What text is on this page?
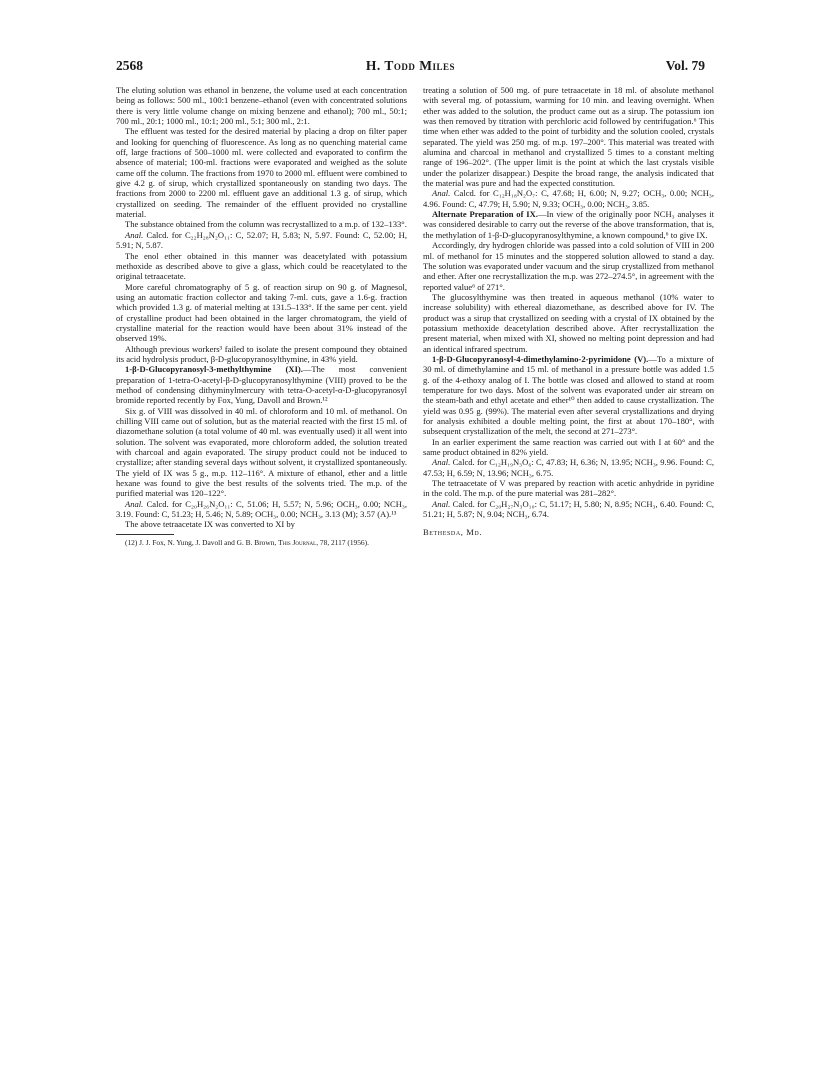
2568	H. Todd Miles	Vol. 79

The eluting solution was ethanol in benzene, the volume used at each concentration being as follows: 500 ml., 100:1 benzene–ethanol (even with concentrated solutions there is very little volume change on mixing benzene and ethanol); 700 ml., 50:1; 700 ml., 20:1; 1000 ml., 10:1; 200 ml., 5:1; 300 ml., 2:1.

The effluent was tested for the desired material by placing a drop on filter paper and looking for quenching of fluorescence. As long as no quenching material came off, large fractions of 500–1000 ml. were collected and evaporated to confirm the absence of material; 100-ml. fractions were evaporated and weighed as the solute came off the column. The fractions from 1970 to 2000 ml. effluent were combined to give 4.2 g. of sirup, which crystallized spontaneously on standing two days. The fractions from 2000 to 2200 ml. effluent gave an additional 1.3 g. of sirup, which crystallized on seeding. The remainder of the effluent provided no crystalline material.

The substance obtained from the column was recrystallized to a m.p. of 132–133°.

Anal. Calcd. for C₂₂H₂₈N₂O₁₁: C, 52.07; H, 5.83; N, 5.97. Found: C, 52.00; H, 5.91; N, 5.87.

The enol ether obtained in this manner was deacetylated with potassium methoxide as described above to give a glass, which could be reacetylated to the original tetraacetate.

More careful chromatography of 5 g. of reaction sirup on 90 g. of Magnesol, using an automatic fraction collector and taking 7-ml. cuts, gave a 1.6-g. fraction which provided 1.3 g. of material melting at 131.5–133°. If the same per cent. yield of crystalline product had been obtained in the larger chromatogram, the yield of crystalline material for the reaction would have been about 31% instead of the observed 19%.

Although previous workers³ failed to isolate the present compound they obtained its acid hydrolysis product, β-D-glucopyranosylthymine, in 43% yield.

1-β-D-Glucopyranosyl-3-methylthymine (XI).—The most convenient preparation of 1-tetra-O-acetyl-β-D-glucopyranosylthymine (VIII) proved to be the method of condensing dithyminylmercury with tetra-O-acetyl-α-D-glucopyranosyl bromide reported recently by Fox, Yung, Davoll and Brown.¹²

Six g. of VIII was dissolved in 40 ml. of chloroform and 10 ml. of methanol. On chilling VIII came out of solution, but as the material reacted with the first 15 ml. of diazomethane solution (a total volume of 40 ml. was eventually used) it all went into solution. The solvent was evaporated, more chloroform added, the solution treated with charcoal and again evaporated. The sirupy product could not be induced to crystallize; after standing several days without solvent, it crystallized spontaneously. The yield of IX was 5 g., m.p. 112–116°. A mixture of ethanol, ether and a little hexane was found to give the best results of the solvents tried. The m.p. of the purified material was 120–122°.

Anal. Calcd. for C₂₀H₂₆N₂O₁₁: C, 51.06; H, 5.57; N, 5.96; OCH₃, 0.00; NCH₃, 3.19. Found: C, 51.23; H, 5.46; N, 5.89; OCH₃, 0.00; NCH₃, 3.13 (M); 3.57 (A).¹³

The above tetraacetate IX was converted to XI by

(12) J. J. Fox, N. Yung, J. Davoll and G. B. Brown, This Journal, 78, 2117 (1956).

treating a solution of 500 mg. of pure tetraacetate in 18 ml. of absolute methanol with several mg. of potassium, warming for 10 min. and leaving overnight. When ether was added to the solution, the product came out as a sirup. The potassium ion was then removed by titration with perchloric acid followed by centrifugation.⁶ This time when ether was added to the point of turbidity and the solution cooled, crystals separated. The yield was 250 mg. of m.p. 197–200°. This material was treated with alumina and charcoal in methanol and crystallized 5 times to a constant melting range of 196–202°. (The upper limit is the point at which the last crystals visible under the polarizer disappear.) Despite the broad range, the analysis indicated that the material was pure and had the expected constitution.

Anal. Calcd. for C₁₂H₁₈N₂O₇: C, 47.68; H, 6.00; N, 9.27; OCH₃, 0.00; NCH₃, 4.96. Found: C, 47.79; H, 5.90; N, 9.33; OCH₃, 0.00; NCH₃, 3.85.

Alternate Preparation of IX.—In view of the originally poor NCH₃ analyses it was considered desirable to carry out the reverse of the above transformation, that is, the methylation of 1-β-D-glucopyranosylthymine, a known compound,⁶ to give IX.

Accordingly, dry hydrogen chloride was passed into a cold solution of VIII in 200 ml. of methanol for 15 minutes and the stoppered solution allowed to stand a day. The solution was evaporated under vacuum and the sirup crystallized from methanol and ether. After one recrystallization the m.p. was 272–274.5°, in agreement with the reported value⁶ of 271°.

The glucosylthymine was then treated in aqueous methanol (10% water to increase solubility) with ethereal diazomethane, as described above for IV. The product was a sirup that crystallized on seeding with a crystal of IX obtained by the potassium methoxide deacetylation described above. After recrystallization the present material, when mixed with XI, showed no melting point depression and had an identical infrared spectrum.

1-β-D-Glucopyranosyl-4-dimethylamino-2-pyrimidone (V).—To a mixture of 30 ml. of dimethylamine and 15 ml. of methanol in a pressure bottle was added 1.5 g. of the 4-ethoxy analog of I. The bottle was closed and allowed to stand at room temperature for two days. Most of the solvent was evaporated under air stream on the steam-bath and ethyl acetate and ether¹⁰ then added to cause crystallization. The yield was 0.95 g. (99%). The material even after several crystallizations and drying for analysis exhibited a double melting point, the first at about 170–180°, with subsequent crystallization of the melt, the second at 271–273°.

In an earlier experiment the same reaction was carried out with I at 60° and the same product obtained in 82% yield.

Anal. Calcd. for C₁₂H₁₉N₃O₆: C, 47.83; H, 6.36; N, 13.95; NCH₃, 9.96. Found: C, 47.53; H, 6.59; N, 13.96; NCH₃, 6.75.

The tetraacetate of V was prepared by reaction with acetic anhydride in pyridine in the cold. The m.p. of the pure material was 281–282°.

Anal. Calcd. for C₂₀H₂₇N₃O₁₀: C, 51.17; H, 5.80; N, 8.95; NCH₃, 6.40. Found: C, 51.21; H, 5.87; N, 9.04; NCH₃, 6.74.

Bethesda, Md.
